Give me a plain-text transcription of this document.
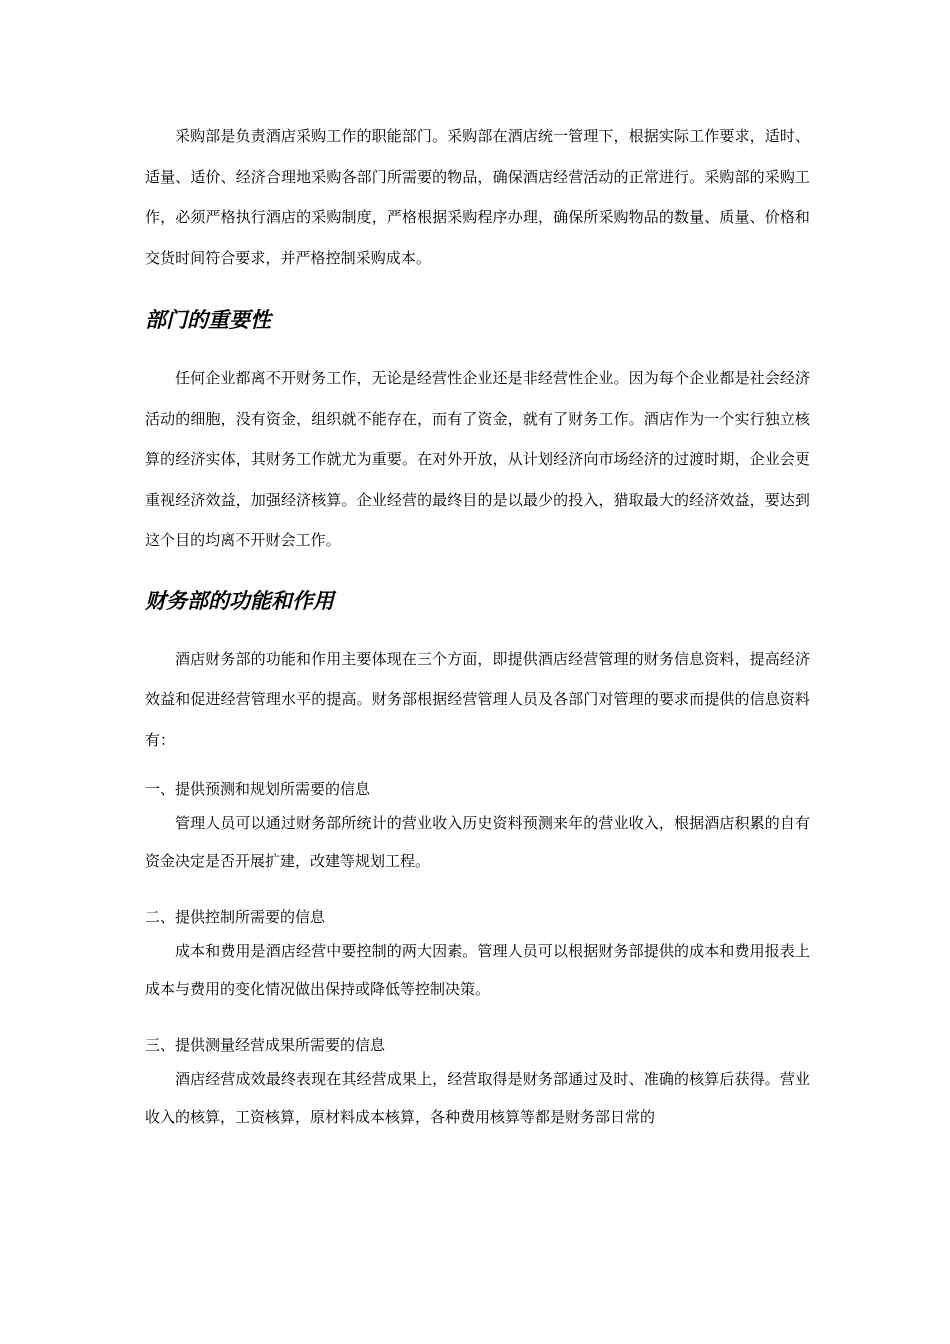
采购部是负责酒店采购工作的职能部门。采购部在酒店统一管理下，根据实际工作要求，适时、适量、适价、经济合理地采购各部门所需要的物品，确保酒店经营活动的正常进行。采购部的采购工作，必须严格执行酒店的采购制度，严格根据采购程序办理，确保所采购物品的数量、质量、价格和交货时间符合要求，并严格控制采购成本。

部门的重要性

任何企业都离不开财务工作，无论是经营性企业还是非经营性企业。因为每个企业都是社会经济活动的细胞，没有资金，组织就不能存在，而有了资金，就有了财务工作。酒店作为一个实行独立核算的经济实体，其财务工作就尤为重要。在对外开放，从计划经济向市场经济的过渡时期，企业会更重视经济效益，加强经济核算。企业经营的最终目的是以最少的投入，猎取最大的经济效益，要达到这个目的均离不开财会工作。

财务部的功能和作用

酒店财务部的功能和作用主要体现在三个方面，即提供酒店经营管理的财务信息资料，提高经济效益和促进经营管理水平的提高。财务部根据经营管理人员及各部门对管理的要求而提供的信息资料有：

一、提供预测和规划所需要的信息

管理人员可以通过财务部所统计的营业收入历史资料预测来年的营业收入，根据酒店积累的自有资金决定是否开展扩建，改建等规划工程。

二、提供控制所需要的信息

成本和费用是酒店经营中要控制的两大因素。管理人员可以根据财务部提供的成本和费用报表上成本与费用的变化情况做出保持或降低等控制决策。

三、提供测量经营成果所需要的信息

酒店经营成效最终表现在其经营成果上，经营取得是财务部通过及时、准确的核算后获得。营业收入的核算，工资核算，原材料成本核算，各种费用核算等都是财务部日常的
